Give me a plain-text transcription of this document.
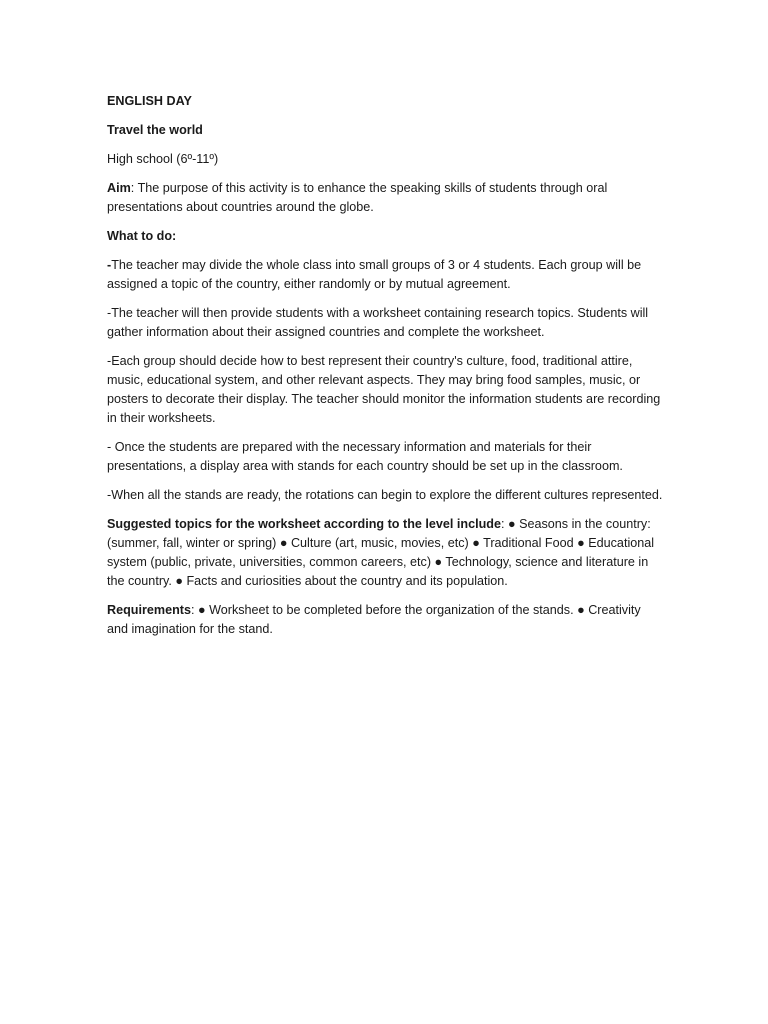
ENGLISH DAY

Travel the world

High school (6º-11º)

Aim: The purpose of this activity is to enhance the speaking skills of students through oral presentations about countries around the globe.

What to do:

-The teacher may divide the whole class into small groups of 3 or 4 students. Each group will be assigned a topic of the country, either randomly or by mutual agreement.

-The teacher will then provide students with a worksheet containing research topics. Students will gather information about their assigned countries and complete the worksheet.

-Each group should decide how to best represent their country's culture, food, traditional attire, music, educational system, and other relevant aspects. They may bring food samples, music, or posters to decorate their display. The teacher should monitor the information students are recording in their worksheets.

- Once the students are prepared with the necessary information and materials for their presentations, a display area with stands for each country should be set up in the classroom.

-When all the stands are ready, the rotations can begin to explore the different cultures represented.

Suggested topics for the worksheet according to the level include: ● Seasons in the country: (summer, fall, winter or spring) ● Culture (art, music, movies, etc) ● Traditional Food ● Educational system (public, private, universities, common careers, etc) ● Technology, science and literature in the country. ● Facts and curiosities about the country and its population.

Requirements: ● Worksheet to be completed before the organization of the stands. ● Creativity and imagination for the stand.
